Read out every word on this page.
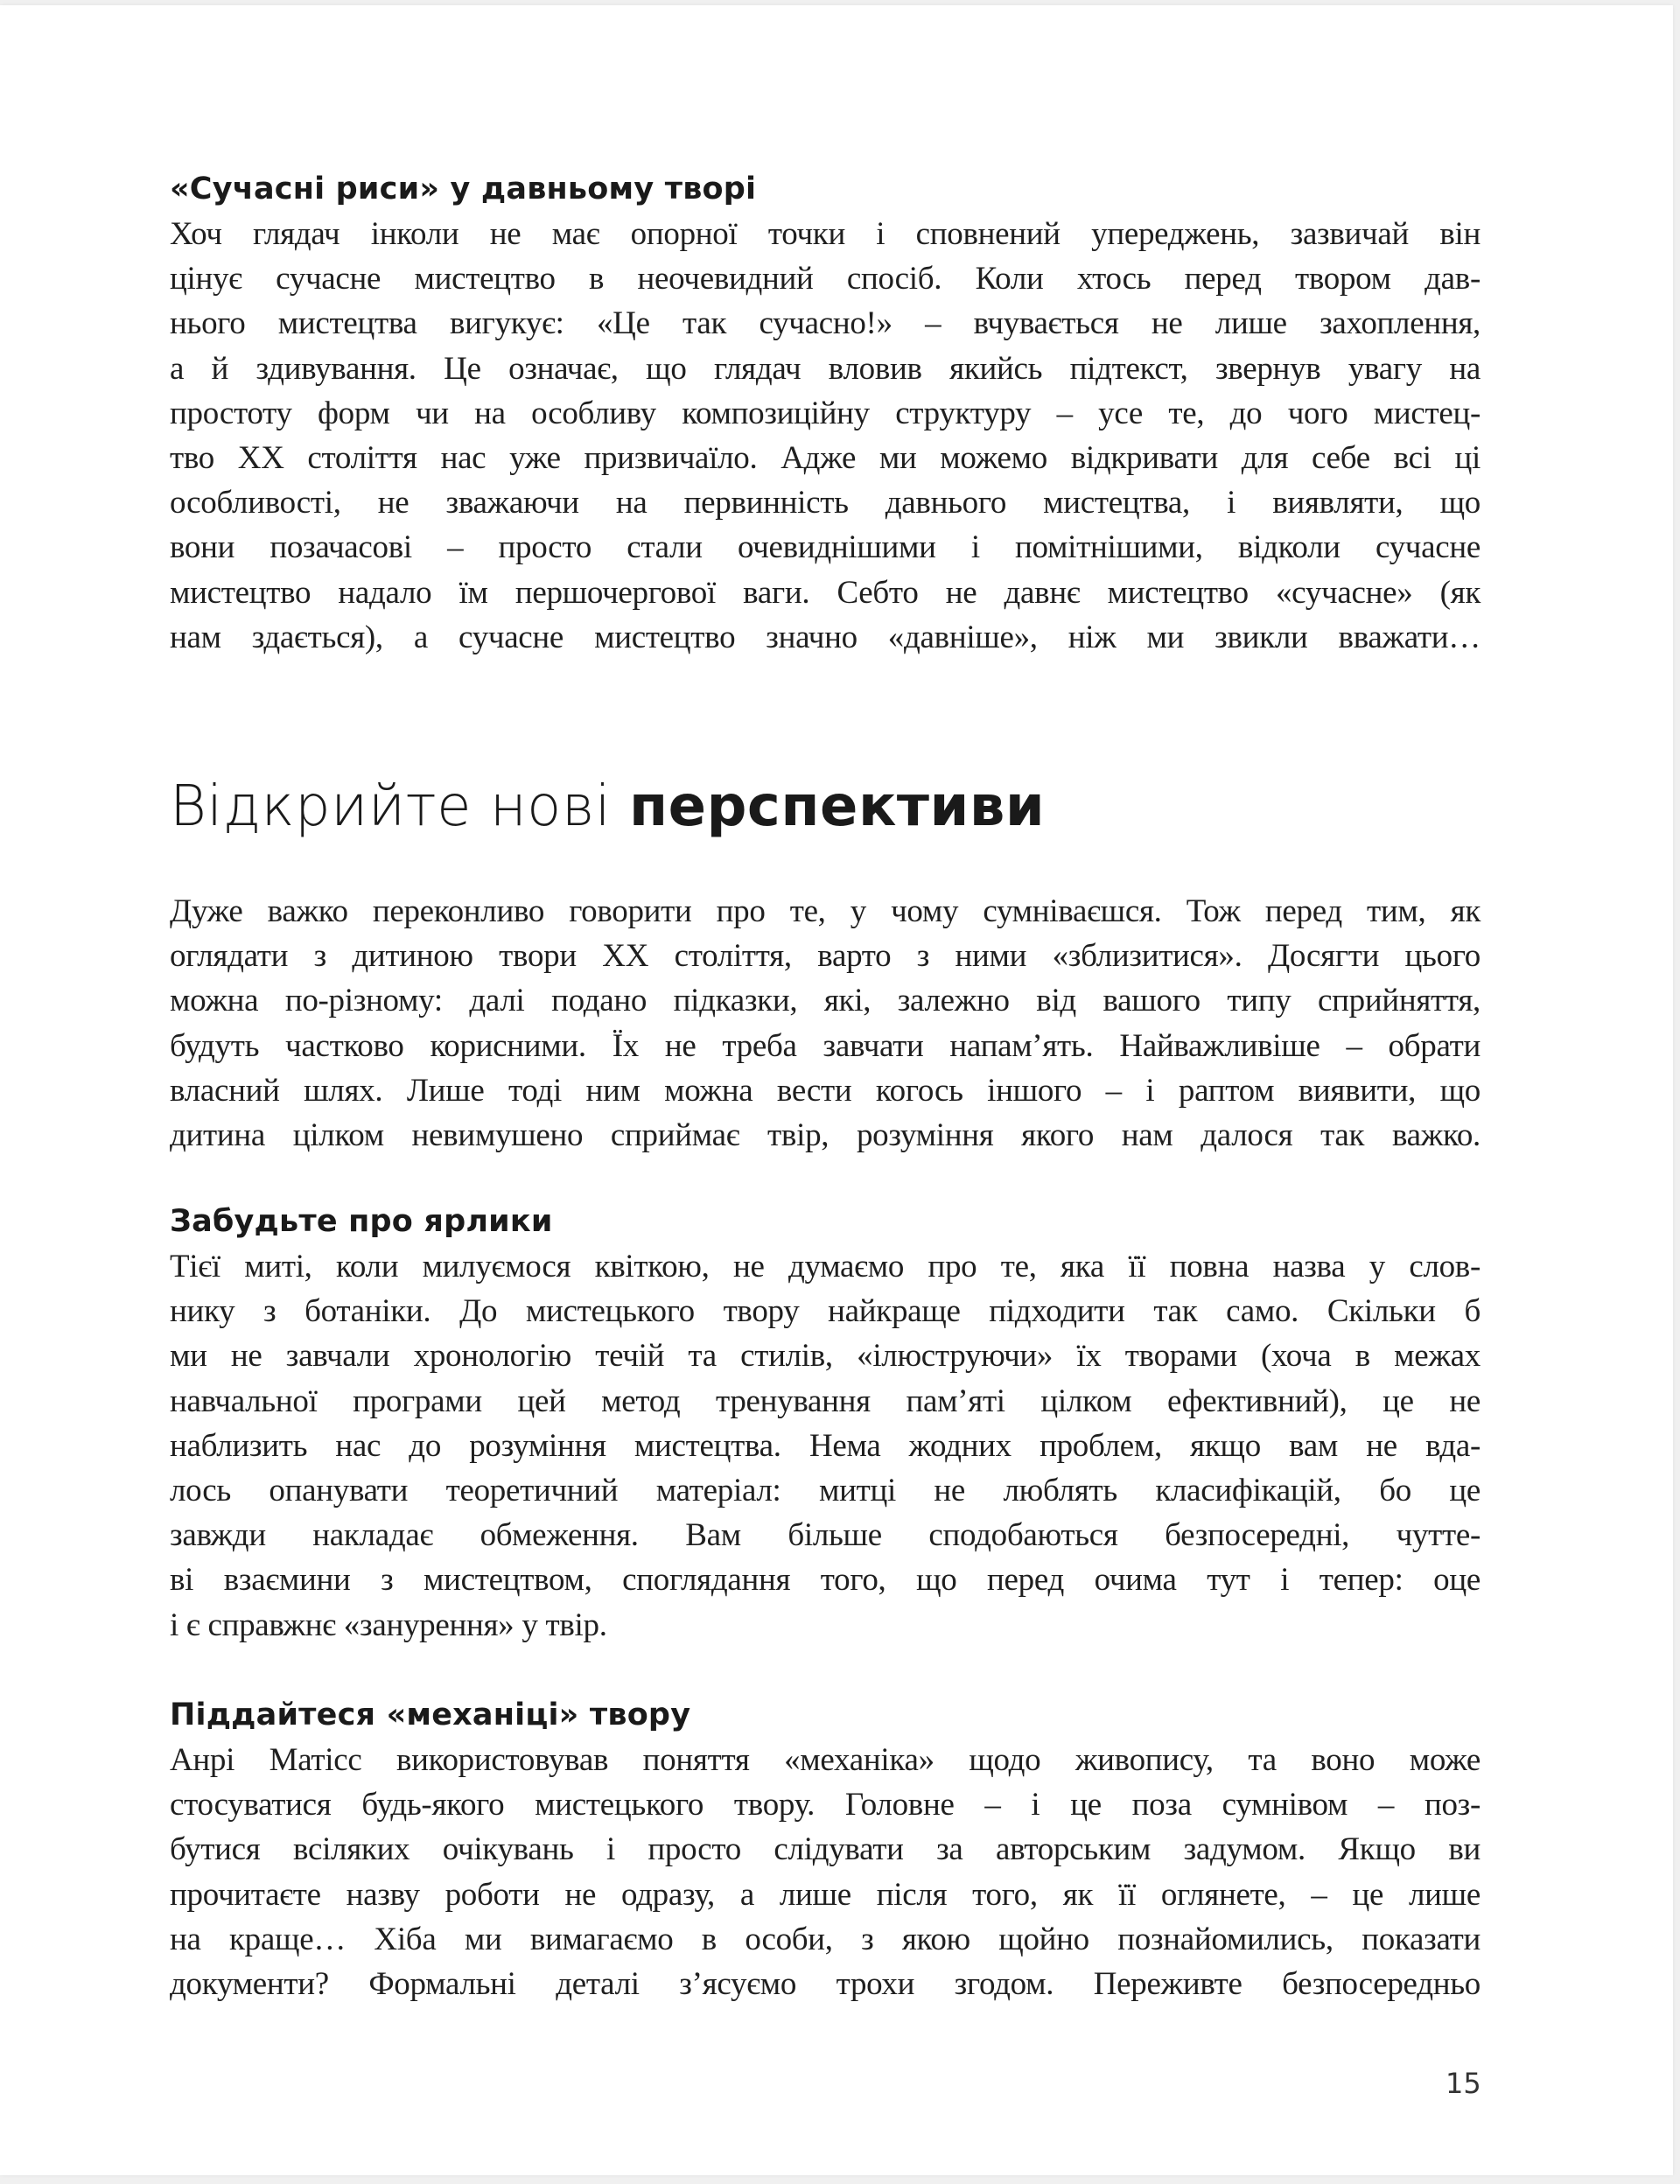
«Сучасні риси» у давньому творі

Хоч глядач інколи не має опорної точки і сповнений упереджень, зазвичай він
цінує сучасне мистецтво в неочевидний спосіб. Коли хтось перед твором дав-
нього мистецтва вигукує: «Це так сучасно!» – вчувається не лише захоплення,
а й здивування. Це означає, що глядач вловив якийсь підтекст, звернув увагу на
простоту форм чи на особливу композиційну структуру – усе те, до чого мистец-
тво ХХ століття нас уже призвичаїло. Адже ми можемо відкривати для себе всі ці
особливості, не зважаючи на первинність давнього мистецтва, і виявляти, що
вони позачасові – просто стали очевиднішими і помітнішими, відколи сучасне
мистецтво надало їм першочергової ваги. Себто не давнє мистецтво «сучасне» (як
нам здається), а сучасне мистецтво значно «давніше», ніж ми звикли вважати…

Відкрийте нові перспективи

Дуже важко переконливо говорити про те, у чому сумніваєшся. Тож перед тим, як
оглядати з дитиною твори ХХ століття, варто з ними «зблизитися». Досягти цього
можна по-різному: далі подано підказки, які, залежно від вашого типу сприйняття,
будуть частково корисними. Їх не треба завчати напам’ять. Найважливіше – обрати
власний шлях. Лише тоді ним можна вести когось іншого – і раптом виявити, що
дитина цілком невимушено сприймає твір, розуміння якого нам далося так важко.

Забудьте про ярлики

Тієї миті, коли милуємося квіткою, не думаємо про те, яка її повна назва у слов-
нику з ботаніки. До мистецького твору найкраще підходити так само. Скільки б
ми не завчали хронологію течій та стилів, «ілюструючи» їх творами (хоча в межах
навчальної програми цей метод тренування пам’яті цілком ефективний), це не
наблизить нас до розуміння мистецтва. Нема жодних проблем, якщо вам не вда-
лось опанувати теоретичний матеріал: митці не люблять класифікацій, бо це
завжди накладає обмеження. Вам більше сподобаються безпосередні, чутте-
ві взаємини з мистецтвом, споглядання того, що перед очима тут і тепер: оце
і є справжнє «занурення» у твір.

Піддайтеся «механіці» твору

Анрі Матісс використовував поняття «механіка» щодо живопису, та воно може
стосуватися будь-якого мистецького твору. Головне – і це поза сумнівом – поз-
бутися всіляких очікувань і просто слідувати за авторським задумом. Якщо ви
прочитаєте назву роботи не одразу, а лише після того, як її оглянете, – це лише
на краще… Хіба ми вимагаємо в особи, з якою щойно познайомились, показати
документи? Формальні деталі з’ясуємо трохи згодом. Переживте безпосередньо

15
